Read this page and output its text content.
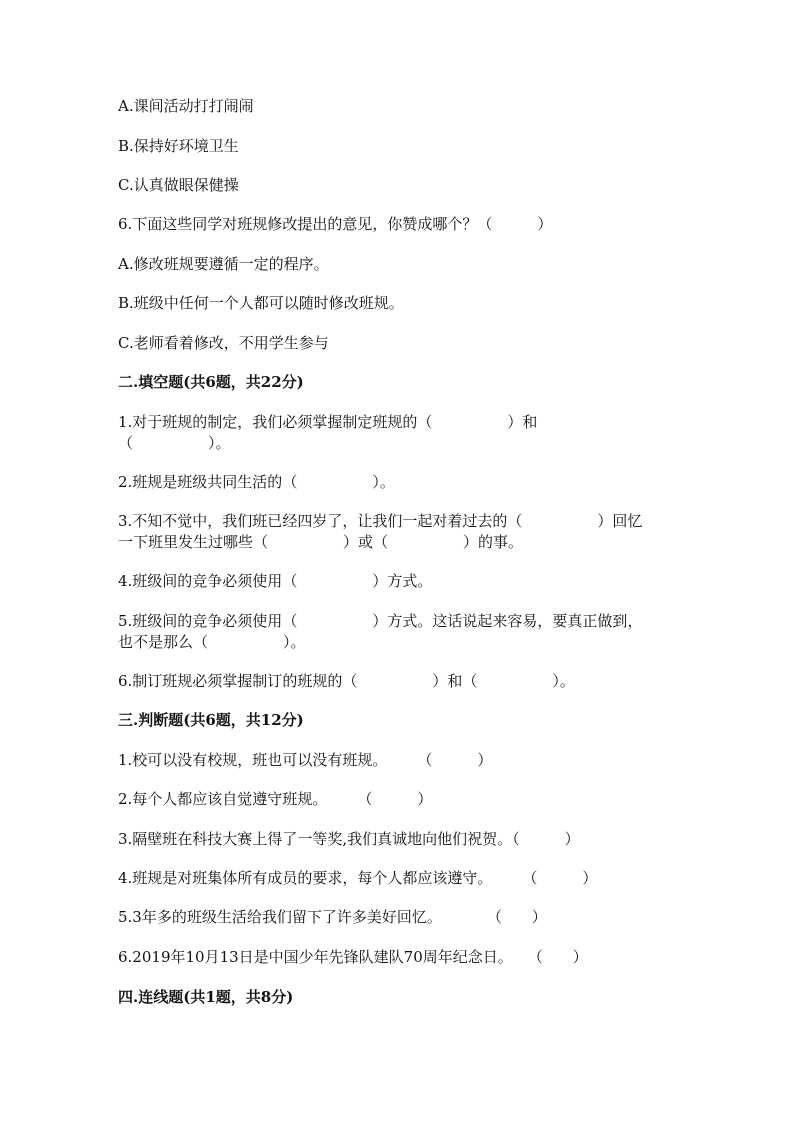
A.课间活动打打闹闹
B.保持好环境卫生
C.认真做眼保健操
6.下面这些同学对班规修改提出的意见，你赞成哪个？（　　　）
A.修改班规要遵循一定的程序。
B.班级中任何一个人都可以随时修改班规。
C.老师看着修改，不用学生参与
二.填空题(共6题，共22分)
1.对于班规的制定，我们必须掌握制定班规的（　　　　　）和
（　　　　　）。
2.班规是班级共同生活的（　　　　　）。
3.不知不觉中，我们班已经四岁了，让我们一起对着过去的（　　　　　）回忆
一下班里发生过哪些（　　　　　）或（　　　　　）的事。
4.班级间的竞争必须使用（　　　　　）方式。
5.班级间的竞争必须使用（　　　　　）方式。这话说起来容易，要真正做到，
也不是那么（　　　　　）。
6.制订班规必须掌握制订的班规的（　　　　　）和（　　　　　）。
三.判断题(共6题，共12分)
1.校可以没有校规，班也可以没有班规。　　　（　　　）
2.每个人都应该自觉遵守班规。　　　（　　　）
3.隔壁班在科技大赛上得了一等奖,我们真诚地向他们祝贺。（　　　）
4.班规是对班集体所有成员的要求，每个人都应该遵守。　　　（　　　）
5.3年多的班级生活给我们留下了许多美好回忆。　　　　（　　）
6.2019年10月13日是中国少年先锋队建队70周年纪念日。　　（　　）
四.连线题(共1题，共8分)
